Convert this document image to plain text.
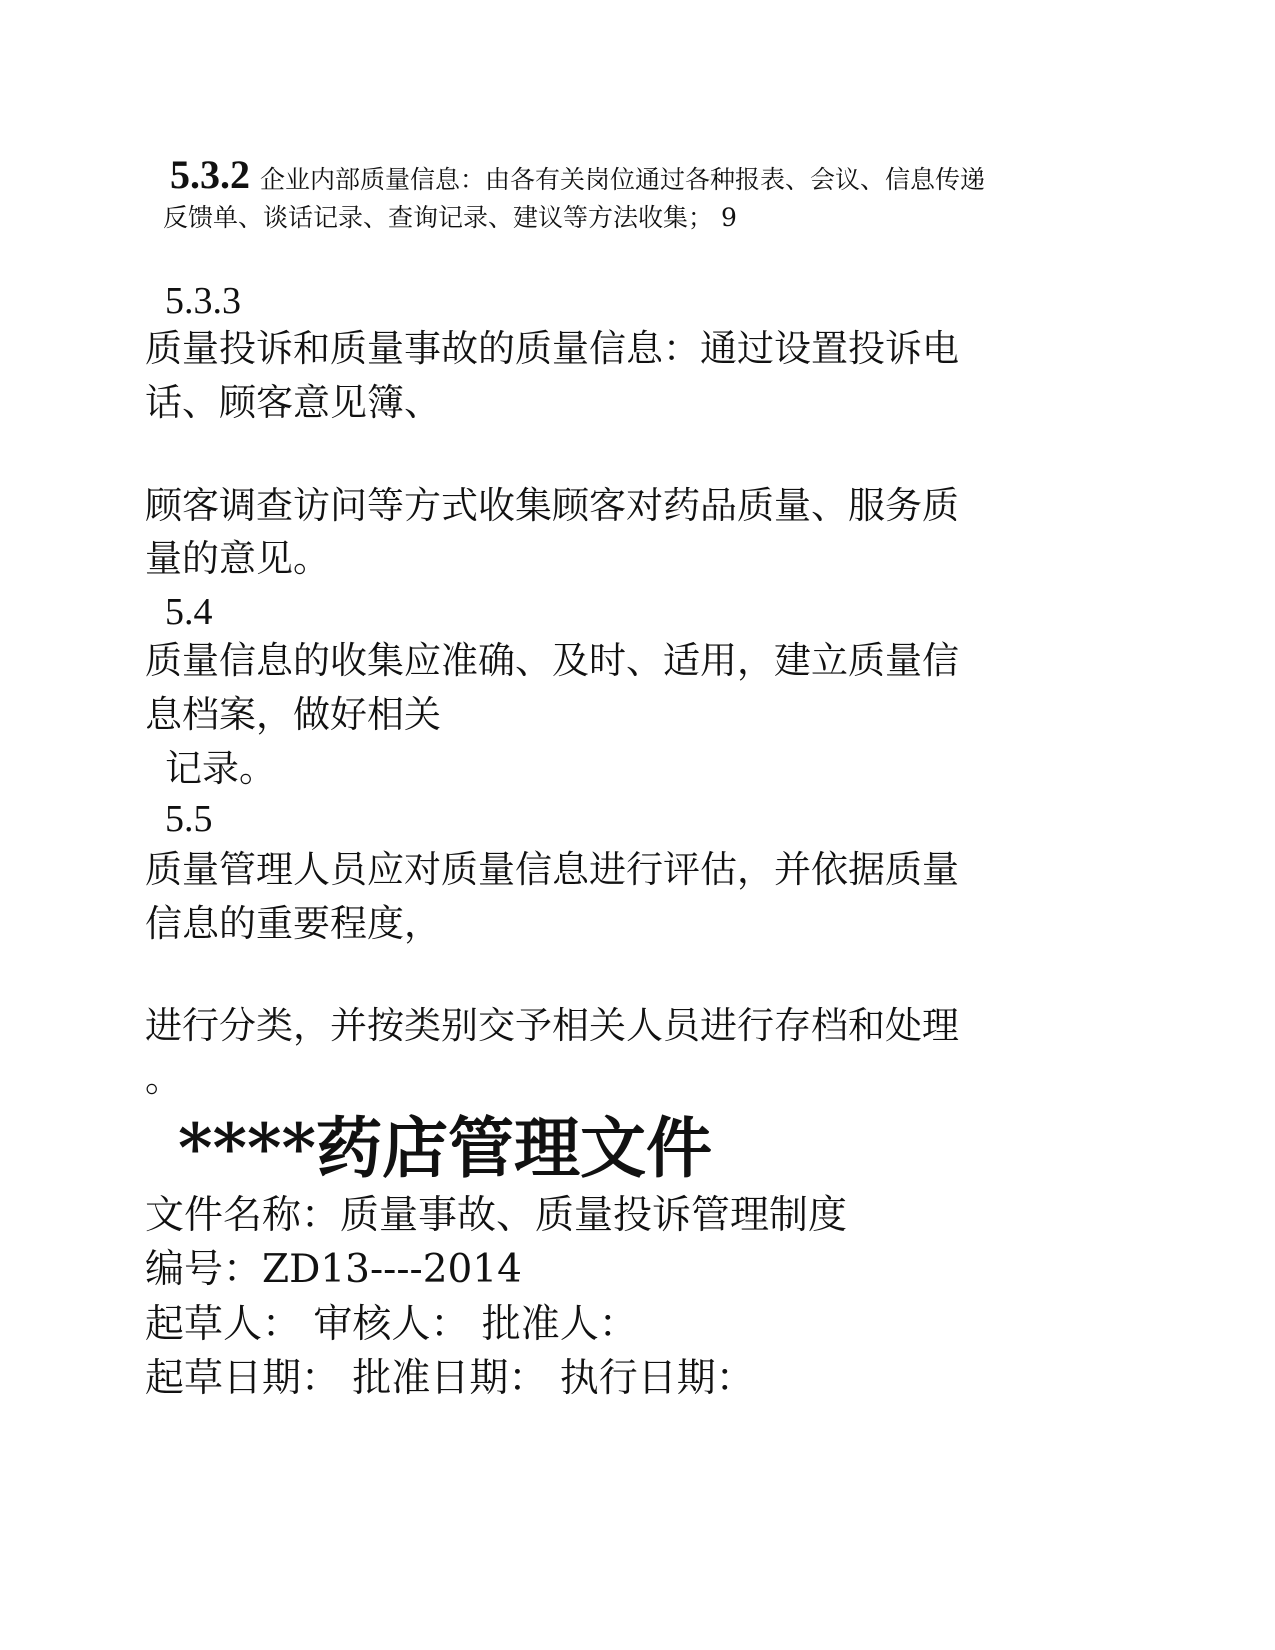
5.3.2 企业内部质量信息：由各有关岗位通过各种报表、会议、信息传递
反馈单、谈话记录、查询记录、建议等方法收集； 9
5.3.3
质量投诉和质量事故的质量信息：通过设置投诉电
话、顾客意见簿、
顾客调查访问等方式收集顾客对药品质量、服务质
量的意见。
5.4
质量信息的收集应准确、及时、适用，建立质量信
息档案，做好相关
记录。
5.5
质量管理人员应对质量信息进行评估，并依据质量
信息的重要程度，
进行分类，并按类别交予相关人员进行存档和处理
。
****药店管理文件
文件名称：质量事故、质量投诉管理制度
编号：ZD13----2014
起草人： 审核人： 批准人：
起草日期： 批准日期： 执行日期：
